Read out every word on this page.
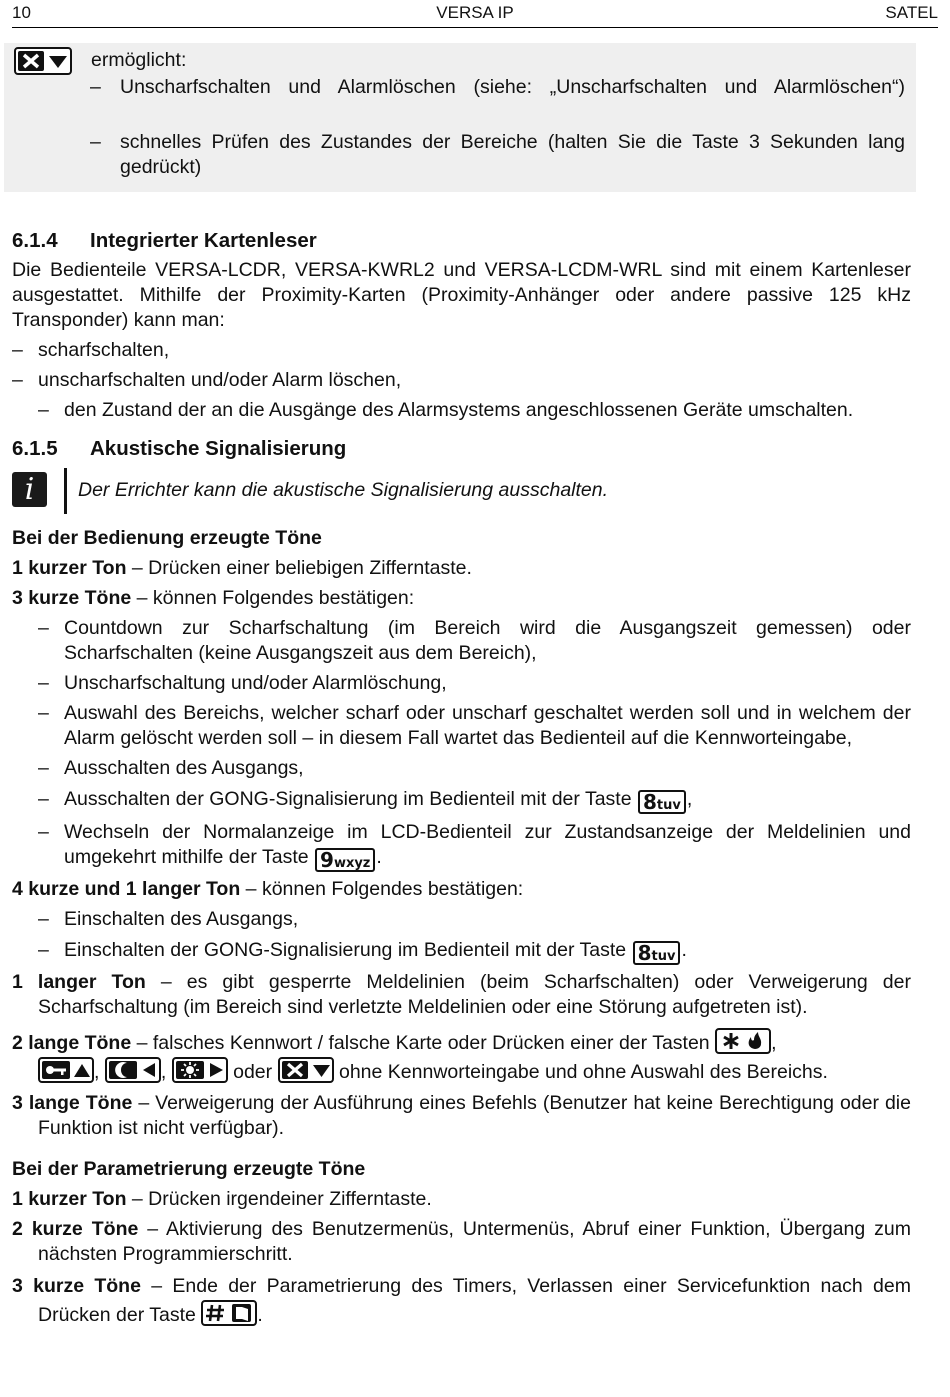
10	VERSA IP	SATEL
ermöglicht:
– Unscharfschalten und Alarmlöschen (siehe: „Unscharfschalten und Alarmlöschen“)
– schnelles Prüfen des Zustandes der Bereiche (halten Sie die Taste 3 Sekunden lang gedrückt)
6.1.4 Integrierter Kartenleser

Die Bedienteile VERSA-LCDR, VERSA-KWRL2 und VERSA-LCDM-WRL sind mit einem Kartenleser ausgestattet. Mithilfe der Proximity-Karten (Proximity-Anhänger oder andere passive 125 kHz Transponder) kann man:

– scharfschalten,
– unscharfschalten und/oder Alarm löschen,
– den Zustand der an die Ausgänge des Alarmsystems angeschlossenen Geräte umschalten.
6.1.5 Akustische Signalisierung
i	Der Errichter kann die akustische Signalisierung ausschalten.
Bei der Bedienung erzeugte Töne
1 kurzer Ton – Drücken einer beliebigen Zifferntaste.
3 kurze Töne – können Folgendes bestätigen:
– Countdown zur Scharfschaltung (im Bereich wird die Ausgangszeit gemessen) oder Scharfschalten (keine Ausgangszeit aus dem Bereich),
– Unscharfschaltung und/oder Alarmlöschung,
– Auswahl des Bereichs, welcher scharf oder unscharf geschaltet werden soll und in welchem der Alarm gelöscht werden soll – in diesem Fall wartet das Bedienteil auf die Kennworteingabe,
– Ausschalten des Ausgangs,
– Ausschalten der GONG-Signalisierung im Bedienteil mit der Taste 8tuv ,
– Wechseln der Normalanzeige im LCD-Bedienteil zur Zustandsanzeige der Meldelinien und umgekehrt mithilfe der Taste 9wxyz .
4 kurze und 1 langer Ton – können Folgendes bestätigen:
– Einschalten des Ausgangs,
– Einschalten der GONG-Signalisierung im Bedienteil mit der Taste 8tuv .
1 langer Ton – es gibt gesperrte Meldelinien (beim Scharfschalten) oder Verweigerung der Scharfschaltung (im Bereich sind verletzte Meldelinien oder eine Störung aufgetreten ist).
2 lange Töne – falsches Kennwort / falsche Karte oder Drücken einer der Tasten	,
,	,	oder	ohne Kennworteingabe und ohne Auswahl des Bereichs.
3 lange Töne – Verweigerung der Ausführung eines Befehls (Benutzer hat keine Berechtigung oder die Funktion ist nicht verfügbar).
Bei der Parametrierung erzeugte Töne
1 kurzer Ton – Drücken irgendeiner Zifferntaste.
2 kurze Töne – Aktivierung des Benutzermenüs, Untermenüs, Abruf einer Funktion, Übergang zum nächsten Programmierschritt.
3 kurze Töne – Ende der Parametrierung des Timers, Verlassen einer Servicefunktion nach dem Drücken der Taste	.
